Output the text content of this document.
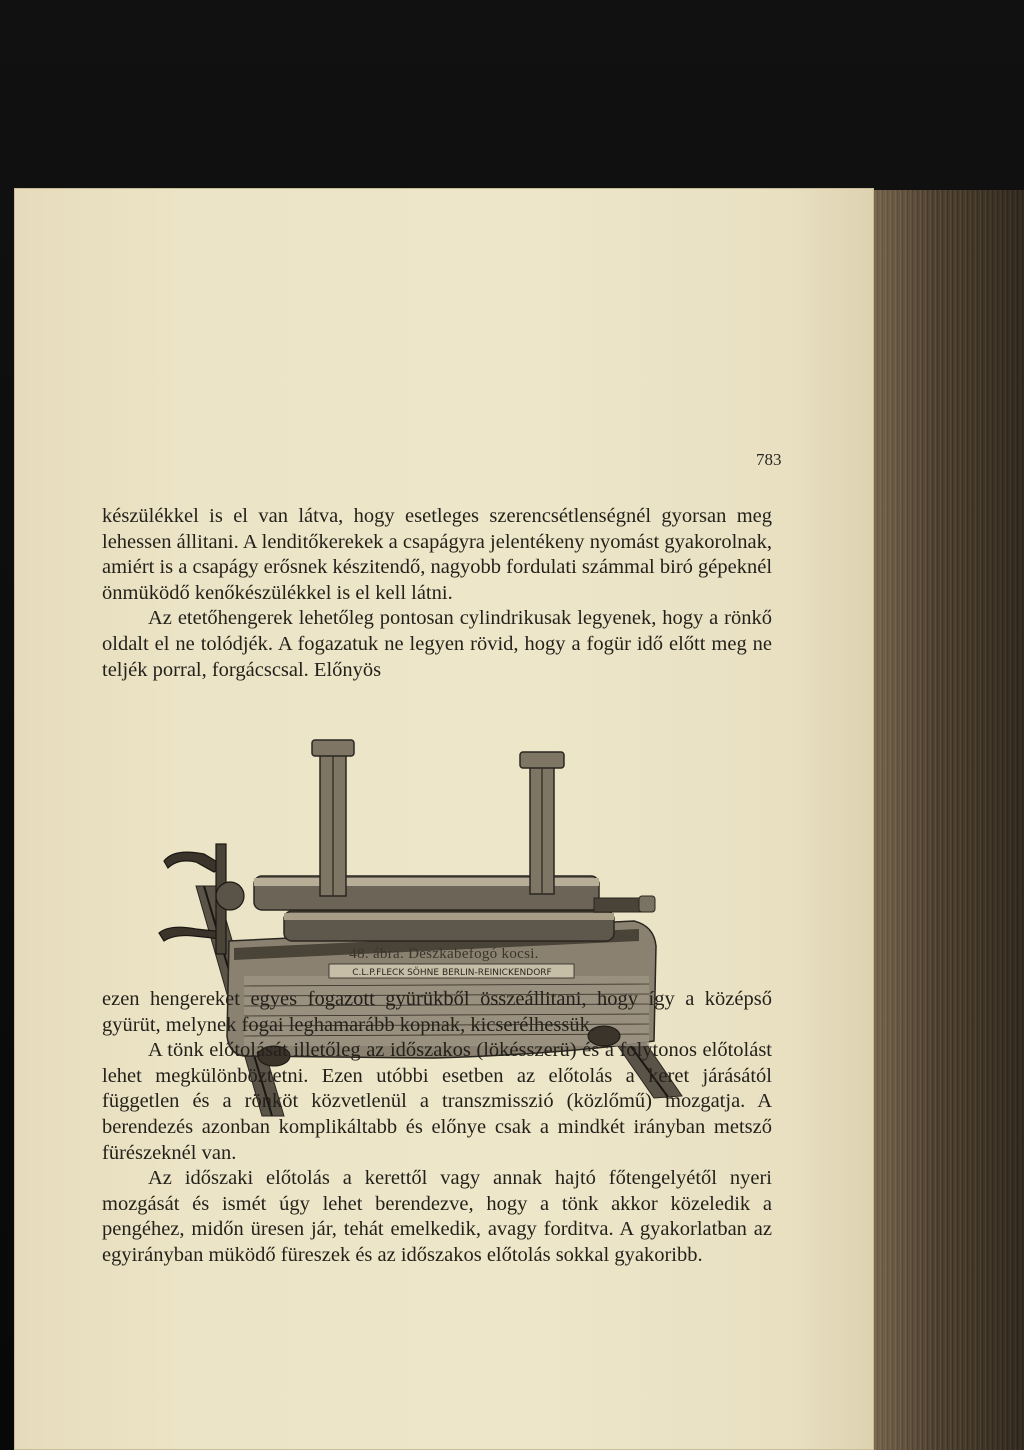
783

készülékkel is el van látva, hogy esetleges szerencsétlenségnél gyorsan meg lehessen állitani. A lenditőkerekek a csapágyra jelentékeny nyomást gyakorolnak, amiért is a csapágy erősnek készitendő, nagyobb fordulati számmal biró gépeknél önmüködő kenőkészülékkel is el kell látni.

Az etetőhengerek lehetőleg pontosan cylindrikusak legyenek, hogy a rönkő oldalt el ne tolódjék. A fogazatuk ne legyen rövid, hogy a fogür idő előtt meg ne teljék porral, forgácscsal. Előnyös

C.L.P.FLECK SÖHNE BERLIN-REINICKENDORF
48. ábra. Deszkabefogó kocsi.

ezen hengereket egyes fogazott gyürükből összeállitani, hogy így a középső gyürüt, melynek fogai leghamarább kopnak, kicserélhessük.

A tönk előtolását illetőleg az időszakos (lökésszerü) és a folytonos előtolást lehet megkülönböztetni. Ezen utóbbi esetben az előtolás a keret járásától független és a rönköt közvetlenül a transzmisszió (közlőmű) mozgatja. A berendezés azonban komplikáltabb és előnye csak a mindkét irányban metsző fürészeknél van.

Az időszaki előtolás a kerettől vagy annak hajtó főtengelyétől nyeri mozgását és ismét úgy lehet berendezve, hogy a tönk akkor közeledik a pengéhez, midőn üresen jár, tehát emelkedik, avagy forditva. A gyakorlatban az egyirányban müködő füreszek és az időszakos előtolás sokkal gyakoribb.
